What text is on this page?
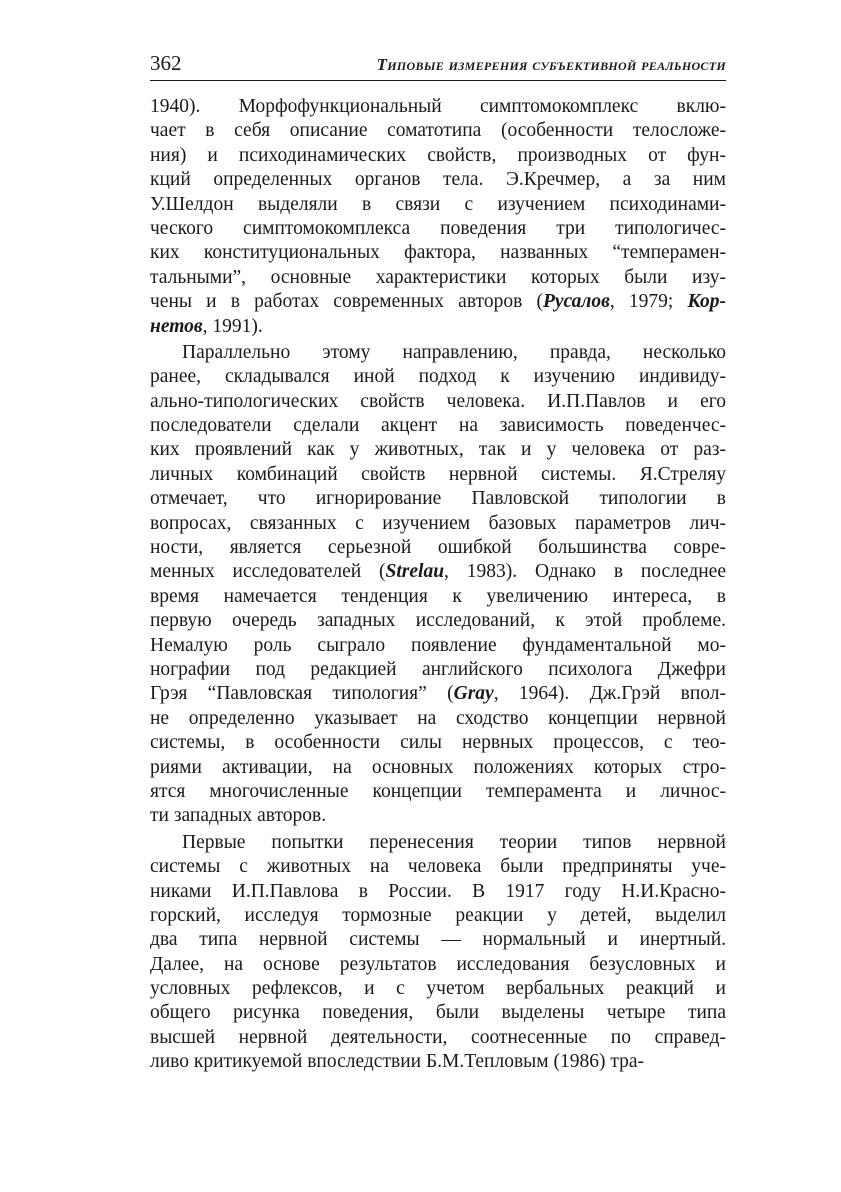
362	Типовые измерения субъективной реальности
1940). Морфофункциональный симптомокомплекс вклю-
чает в себя описание соматотипа (особенности телосложе-
ния) и психодинамических свойств, производных от фун-
кций определенных органов тела. Э.Кречмер, а за ним
У.Шелдон выделяли в связи с изучением психодинами-
ческого симптомокомплекса поведения три типологичес-
ких конституциональных фактора, названных “темперамен-
тальными”, основные характеристики которых были изу-
чены и в работах современных авторов (Русалов, 1979; Кор-
нетов, 1991).
Параллельно этому направлению, правда, несколько
ранее, складывался иной подход к изучению индивиду-
ально-типологических свойств человека. И.П.Павлов и его
последователи сделали акцент на зависимость поведенчес-
ких проявлений как у животных, так и у человека от раз-
личных комбинаций свойств нервной системы. Я.Стреляу
отмечает, что игнорирование Павловской типологии в
вопросах, связанных с изучением базовых параметров лич-
ности, является серьезной ошибкой большинства совре-
менных исследователей (Strelau, 1983). Однако в последнее
время намечается тенденция к увеличению интереса, в
первую очередь западных исследований, к этой проблеме.
Немалую роль сыграло появление фундаментальной мо-
нографии под редакцией английского психолога Джефри
Грэя “Павловская типология” (Gray, 1964). Дж.Грэй впол-
не определенно указывает на сходство концепции нервной
системы, в особенности силы нервных процессов, с тео-
риями активации, на основных положениях которых стро-
ятся многочисленные концепции темперамента и личнос-
ти западных авторов.
Первые попытки перенесения теории типов нервной
системы с животных на человека были предприняты уче-
никами И.П.Павлова в России. В 1917 году Н.И.Красно-
горский, исследуя тормозные реакции у детей, выделил
два типа нервной системы — нормальный и инертный.
Далее, на основе результатов исследования безусловных и
условных рефлексов, и с учетом вербальных реакций и
общего рисунка поведения, были выделены четыре типа
высшей нервной деятельности, соотнесенные по справед-
ливо критикуемой впоследствии Б.М.Тепловым (1986) тра-
